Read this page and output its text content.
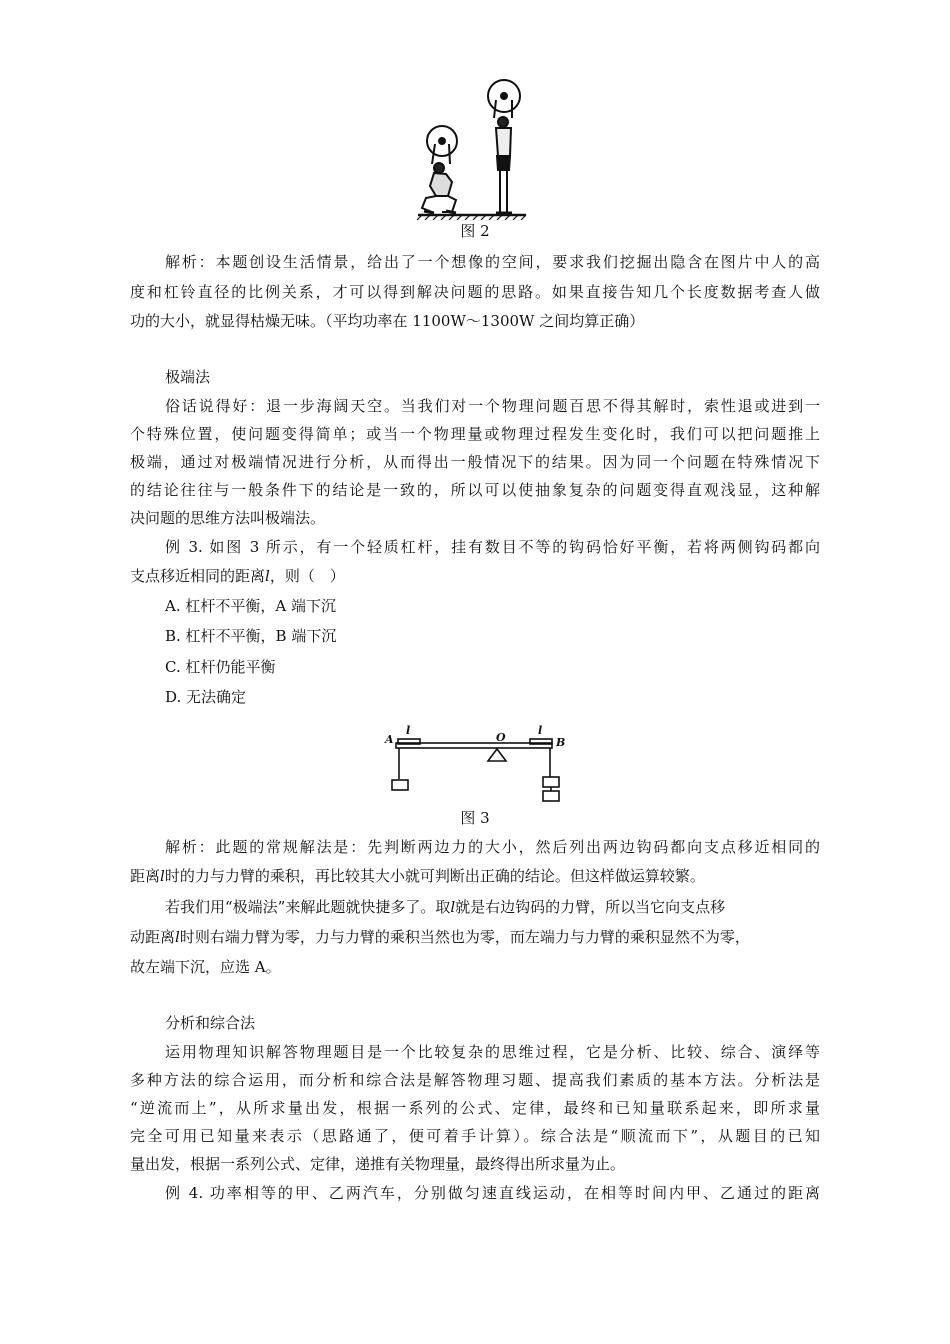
图 2
解析：本题创设生活情景，给出了一个想像的空间，要求我们挖掘出隐含在图片中人的高
度和杠铃直径的比例关系，才可以得到解决问题的思路。如果直接告知几个长度数据考查人做
功的大小，就显得枯燥无味。（平均功率在 1100W～1300W 之间均算正确）
极端法
俗话说得好：退一步海阔天空。当我们对一个物理问题百思不得其解时，索性退或进到一
个特殊位置，使问题变得简单；或当一个物理量或物理过程发生变化时，我们可以把问题推上
极端，通过对极端情况进行分析，从而得出一般情况下的结果。因为同一个问题在特殊情况下
的结论往往与一般条件下的结论是一致的，所以可以使抽象复杂的问题变得直观浅显，这种解
决问题的思维方法叫极端法。
例 3. 如图 3 所示，有一个轻质杠杆，挂有数目不等的钩码恰好平衡，若将两侧钩码都向
支点移近相同的距离l，则（　）
A. 杠杆不平衡，A 端下沉
B. 杠杆不平衡，B 端下沉
C. 杠杆仍能平衡
D. 无法确定
A
l
O
l
B
图 3
解析：此题的常规解法是：先判断两边力的大小，然后列出两边钩码都向支点移近相同的
距离l时的力与力臂的乘积，再比较其大小就可判断出正确的结论。但这样做运算较繁。
若我们用“极端法”来解此题就快捷多了。取l就是右边钩码的力臂，所以当它向支点移
动距离l时则右端力臂为零，力与力臂的乘积当然也为零，而左端力与力臂的乘积显然不为零，
故左端下沉，应选 A。
分析和综合法
运用物理知识解答物理题目是一个比较复杂的思维过程，它是分析、比较、综合、演绎等
多种方法的综合运用，而分析和综合法是解答物理习题、提高我们素质的基本方法。分析法是
“逆流而上”，从所求量出发，根据一系列的公式、定律，最终和已知量联系起来，即所求量
完全可用已知量来表示（思路通了，便可着手计算）。综合法是“顺流而下”，从题目的已知
量出发，根据一系列公式、定律，递推有关物理量，最终得出所求量为止。
例 4. 功率相等的甲、乙两汽车，分别做匀速直线运动，在相等时间内甲、乙通过的距离
